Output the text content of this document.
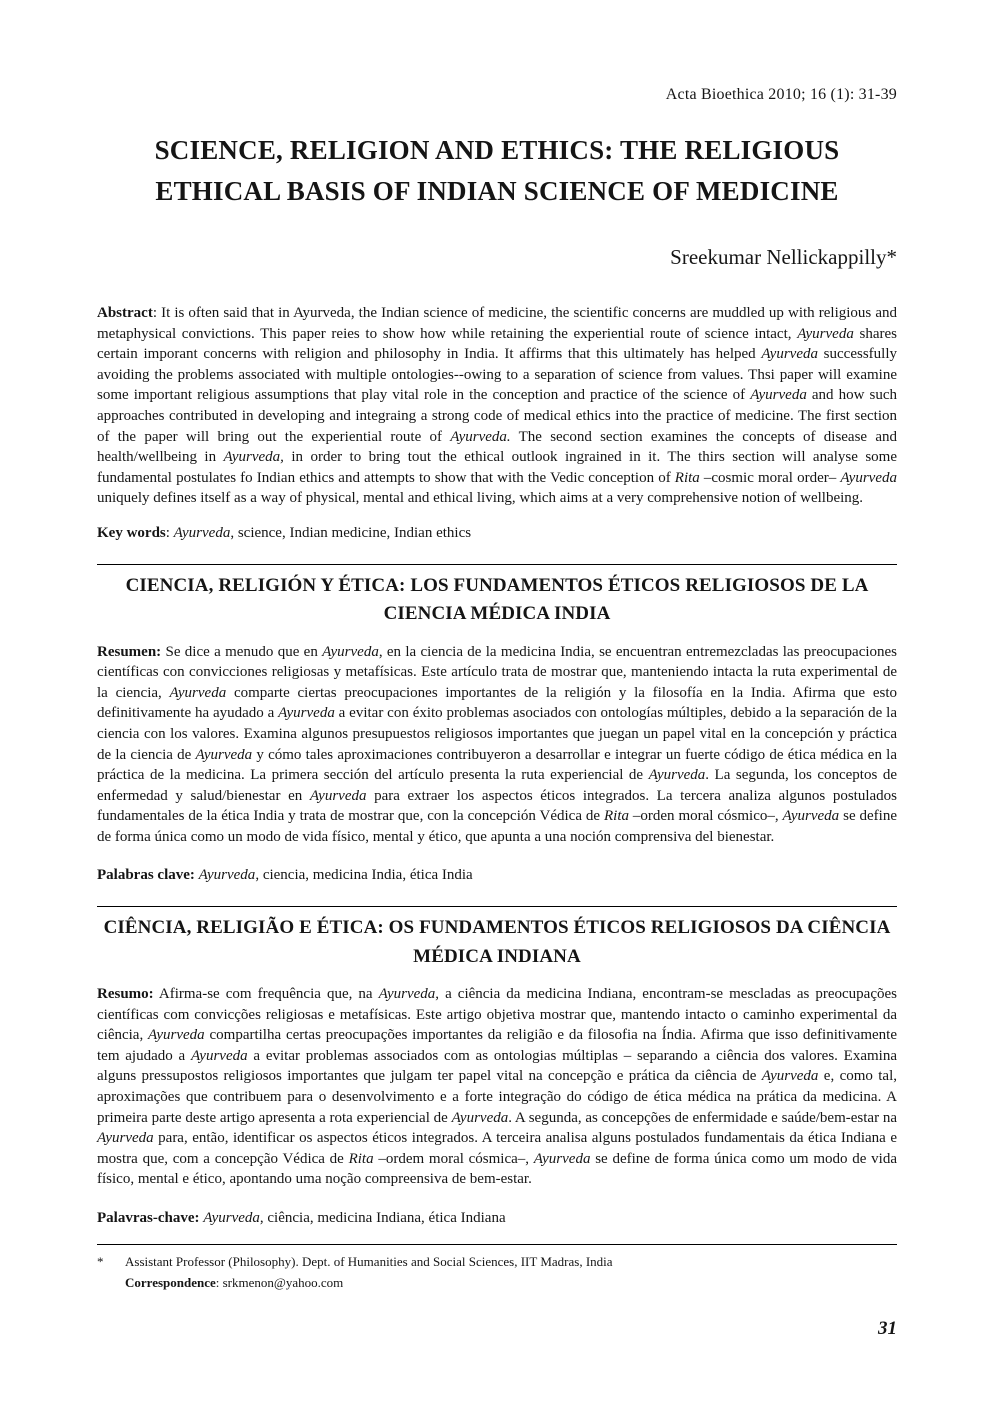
Acta Bioethica 2010; 16 (1): 31-39
SCIENCE, RELIGION AND ETHICS: THE RELIGIOUS ETHICAL BASIS OF INDIAN SCIENCE OF MEDICINE
Sreekumar Nellickappilly*

Abstract: It is often said that in Ayurveda, the Indian science of medicine, the scientific concerns are muddled up with religious and metaphysical convictions. This paper reies to show how while retaining the experiential route of science intact, Ayurveda shares certain imporant concerns with religion and philosophy in India. It affirms that this ultimately has helped Ayurveda successfully avoiding the problems associated with multiple ontologies--owing to a separation of science from values. Thsi paper will examine some important religious assumptions that play vital role in the conception and practice of the science of Ayurveda and how such approaches contributed in developing and integraing a strong code of medical ethics into the practice of medicine. The first section of the paper will bring out the experiential route of Ayurveda. The second section examines the concepts of disease and health/wellbeing in Ayurveda, in order to bring tout the ethical outlook ingrained in it. The thirs section will analyse some fundamental postulates fo Indian ethics and attempts to show that with the Vedic conception of Rita –cosmic moral order– Ayurveda uniquely defines itself as a way of physical, mental and ethical living, which aims at a very comprehensive notion of wellbeing.

Key words: Ayurveda, science, Indian medicine, Indian ethics

CIENCIA, RELIGIÓN Y ÉTICA: LOS FUNDAMENTOS ÉTICOS RELIGIOSOS DE LA CIENCIA MÉDICA INDIA

Resumen: Se dice a menudo que en Ayurveda, en la ciencia de la medicina India, se encuentran entremezcladas las preocupaciones científicas con convicciones religiosas y metafísicas. Este artículo trata de mostrar que, manteniendo intacta la ruta experimental de la ciencia, Ayurveda comparte ciertas preocupaciones importantes de la religión y la filosofía en la India. Afirma que esto definitivamente ha ayudado a Ayurveda a evitar con éxito problemas asociados con ontologías múltiples, debido a la separación de la ciencia con los valores. Examina algunos presupuestos religiosos importantes que juegan un papel vital en la concepción y práctica de la ciencia de Ayurveda y cómo tales aproximaciones contribuyeron a desarrollar e integrar un fuerte código de ética médica en la práctica de la medicina. La primera sección del artículo presenta la ruta experiencial de Ayurveda. La segunda, los conceptos de enfermedad y salud/bienestar en Ayurveda para extraer los aspectos éticos integrados. La tercera analiza algunos postulados fundamentales de la ética India y trata de mostrar que, con la concepción Védica de Rita –orden moral cósmico–, Ayurveda se define de forma única como un modo de vida físico, mental y ético, que apunta a una noción comprensiva del bienestar.

Palabras clave: Ayurveda, ciencia, medicina India, ética India

CIÊNCIA, RELIGIÃO E ÉTICA: OS FUNDAMENTOS ÉTICOS RELIGIOSOS DA CIÊNCIA MÉDICA INDIANA

Resumo: Afirma-se com frequência que, na Ayurveda, a ciência da medicina Indiana, encontram-se mescladas as preocupações científicas com convicções religiosas e metafísicas. Este artigo objetiva mostrar que, mantendo intacto o caminho experimental da ciência, Ayurveda compartilha certas preocupações importantes da religião e da filosofia na Índia. Afirma que isso definitivamente tem ajudado a Ayurveda a evitar problemas associados com as ontologias múltiplas – separando a ciência dos valores. Examina alguns pressupostos religiosos importantes que julgam ter papel vital na concepção e prática da ciência de Ayurveda e, como tal, aproximações que contribuem para o desenvolvimento e a forte integração do código de ética médica na prática da medicina. A primeira parte deste artigo apresenta a rota experiencial de Ayurveda. A segunda, as concepções de enfermidade e saúde/bem-estar na Ayurveda para, então, identificar os aspectos éticos integrados. A terceira analisa alguns postulados fundamentais da ética Indiana e mostra que, com a concepção Védica de Rita –ordem moral cósmica–, Ayurveda se define de forma única como um modo de vida físico, mental e ético, apontando uma noção compreensiva de bem-estar.

Palavras-chave: Ayurveda, ciência, medicina Indiana, ética Indiana

*	Assistant Professor (Philosophy). Dept. of Humanities and Social Sciences, IIT Madras, India
Correspondence: srkmenon@yahoo.com
31
